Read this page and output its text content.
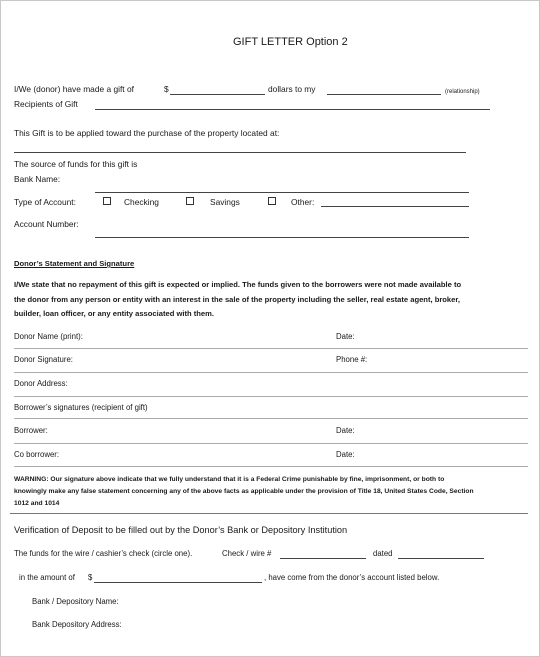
GIFT LETTER Option 2
I/We (donor) have made a gift of	$	dollars to my	(relationship)
Recipients of Gift
This Gift is to be applied toward the purchase of the property located at:
The source of funds for this gift is
Bank Name:
Type of Account:	Checking	Savings	Other:
Account Number:
Donor’s Statement and Signature
I/We state that no repayment of this gift is expected or implied. The funds given to the borrowers were not made available to
the donor from any person or entity with an interest in the sale of the property including the seller, real estate agent, broker,
builder, loan officer, or any entity associated with them.
Donor Name (print):	Date:
Donor Signature:	Phone #:
Donor Address:
Borrower’s signatures (recipient of gift)
Borrower:	Date:
Co borrower:	Date:
WARNING: Our signature above indicate that we fully understand that it is a Federal Crime punishable by fine, imprisonment, or both to
knowingly make any false statement concerning any of the above facts as applicable under the provision of Title 18, United States Code, Section
1012 and 1014
Verification of Deposit to be filled out by the Donor’s Bank or Depository Institution
The funds for the wire / cashier’s check (circle one).	Check / wire #	dated
in the amount of $	, have come from the donor’s account listed below.
Bank / Depository Name:
Bank Depository Address:
